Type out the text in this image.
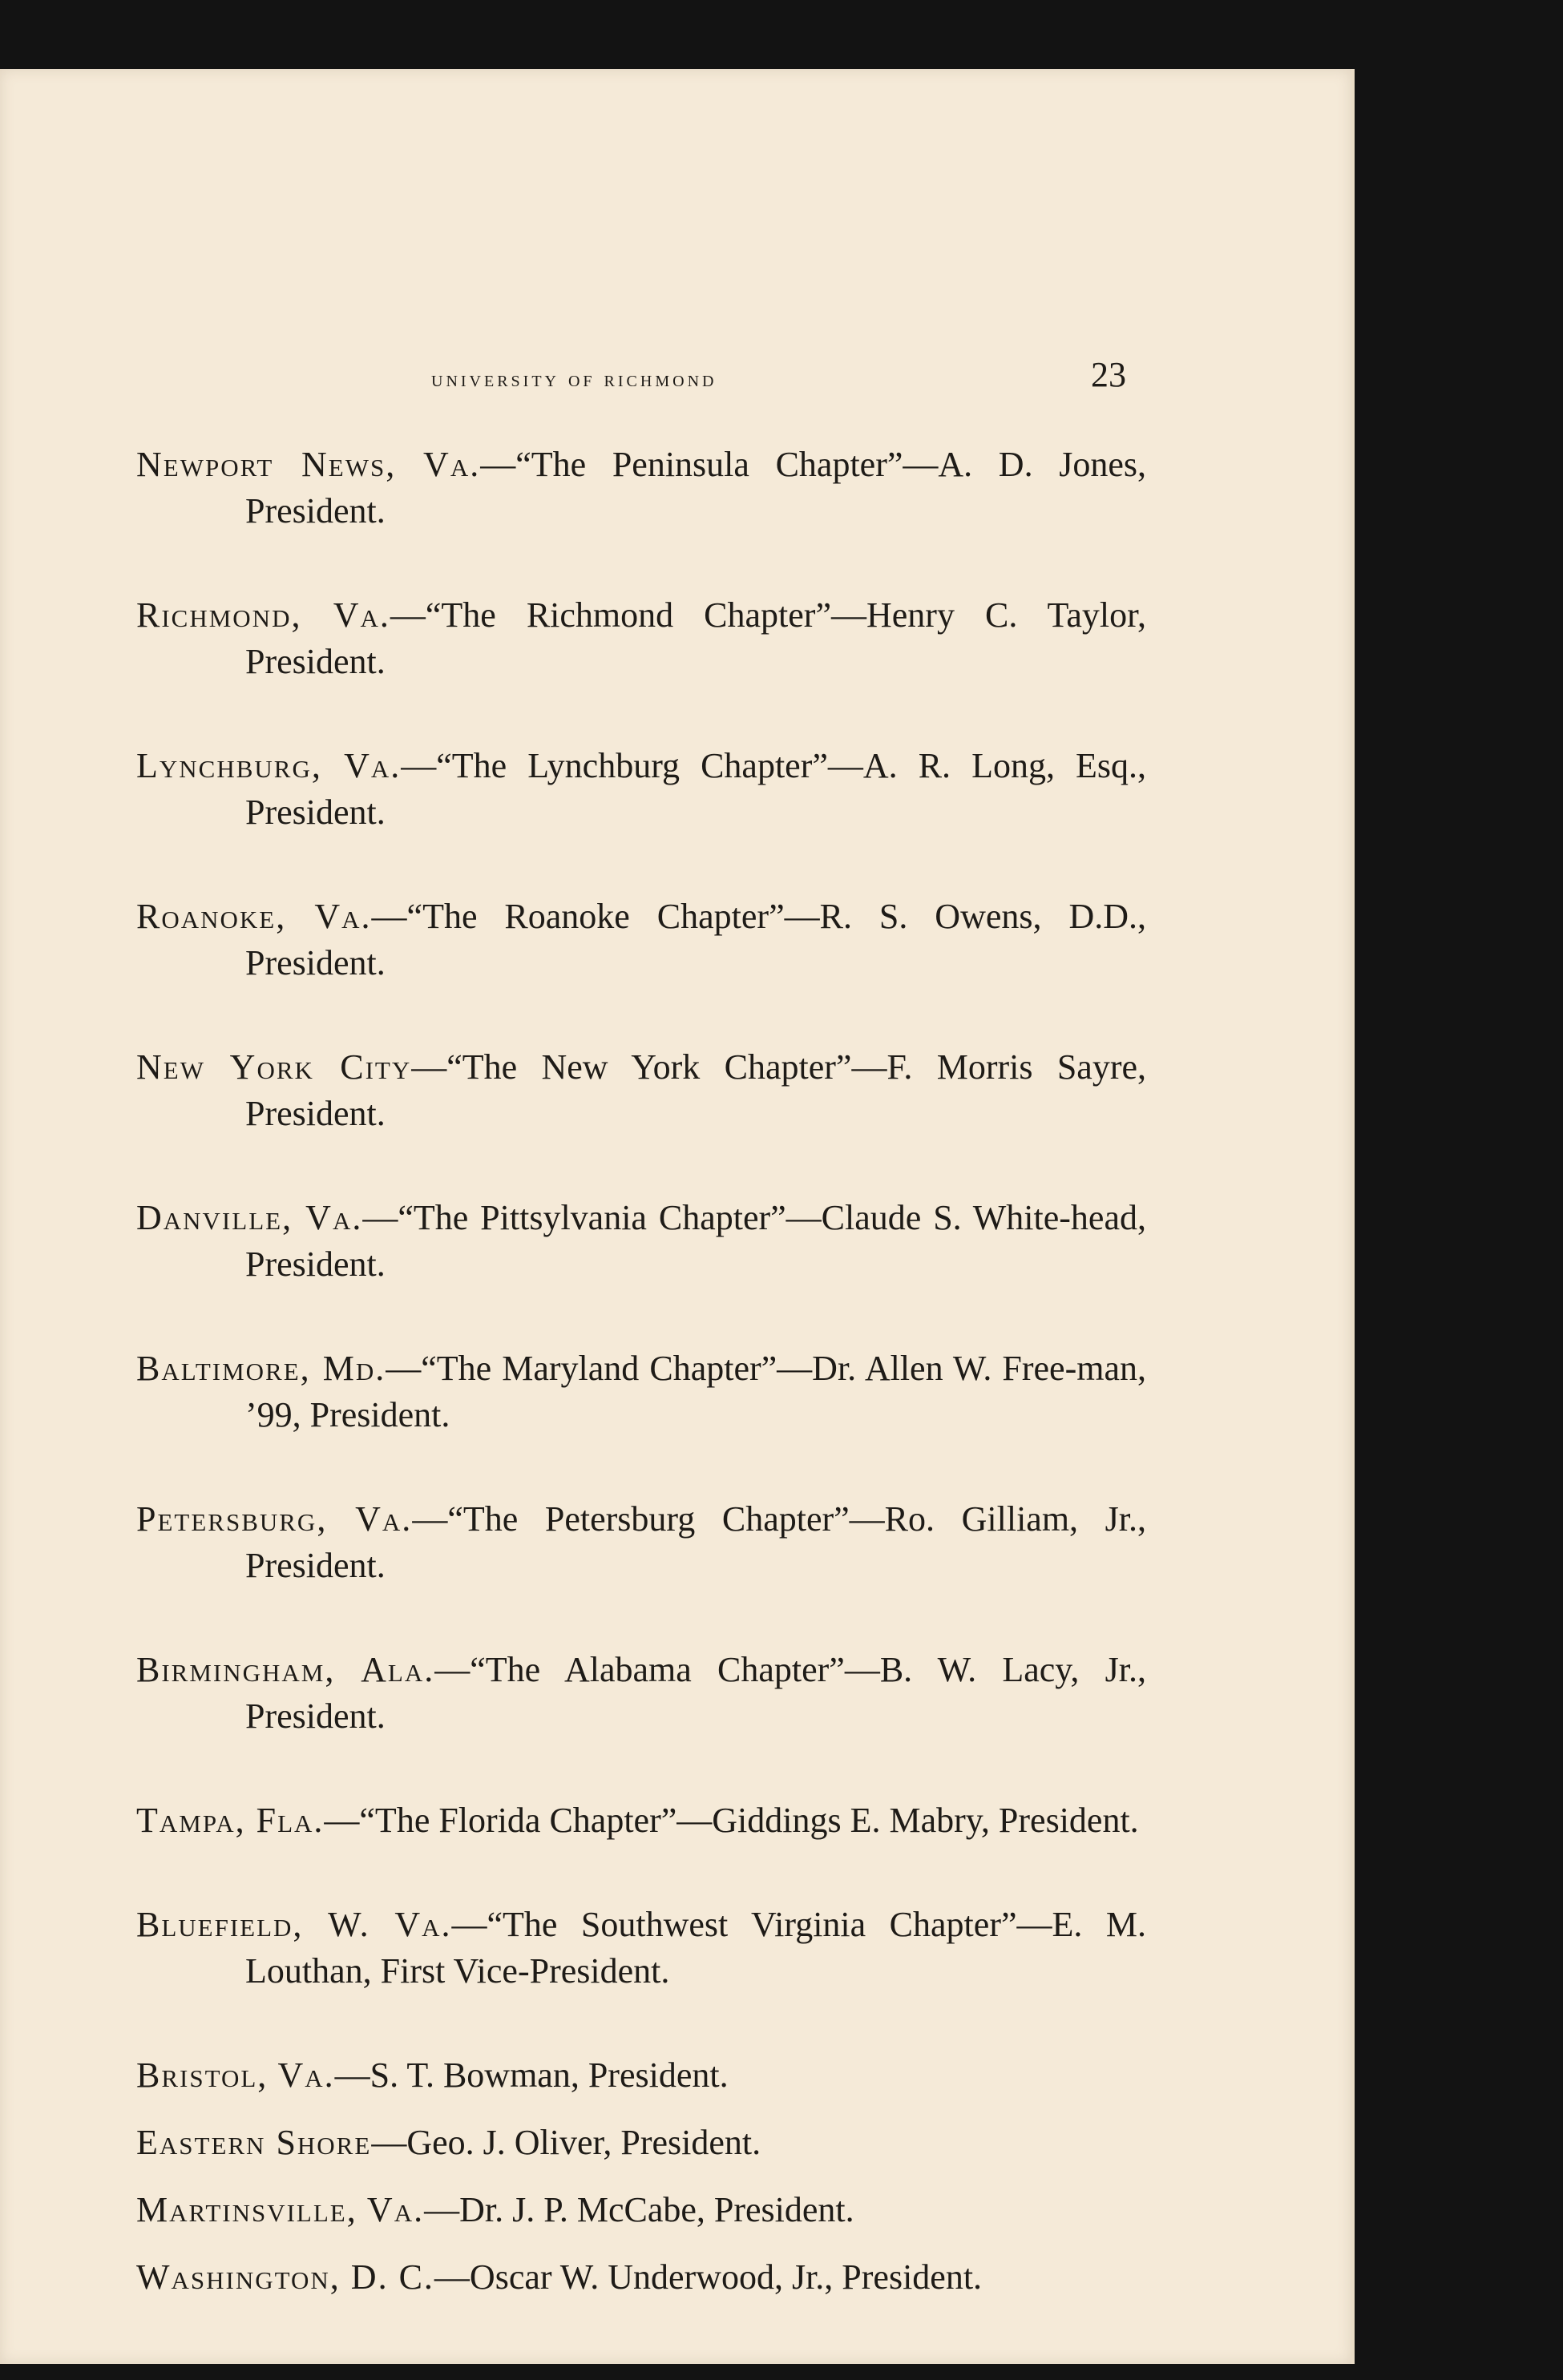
university of richmond	23

Newport News, Va.—“The Peninsula Chapter”—A. D. Jones, President.

Richmond, Va.—“The Richmond Chapter”—Henry C. Taylor, President.

Lynchburg, Va.—“The Lynchburg Chapter”—A. R. Long, Esq., President.

Roanoke, Va.—“The Roanoke Chapter”—R. S. Owens, D.D., President.

New York City—“The New York Chapter”—F. Morris Sayre, President.

Danville, Va.—“The Pittsylvania Chapter”—Claude S. White-head, President.

Baltimore, Md.—“The Maryland Chapter”—Dr. Allen W. Free-man, ’99, President.

Petersburg, Va.—“The Petersburg Chapter”—Ro. Gilliam, Jr., President.

Birmingham, Ala.—“The Alabama Chapter”—B. W. Lacy, Jr., President.

Tampa, Fla.—“The Florida Chapter”—Giddings E. Mabry, President.

Bluefield, W. Va.—“The Southwest Virginia Chapter”—E. M. Louthan, First Vice-President.

Bristol, Va.—S. T. Bowman, President.

Eastern Shore—Geo. J. Oliver, President.

Martinsville, Va.—Dr. J. P. McCabe, President.

Washington, D. C.—Oscar W. Underwood, Jr., President.
